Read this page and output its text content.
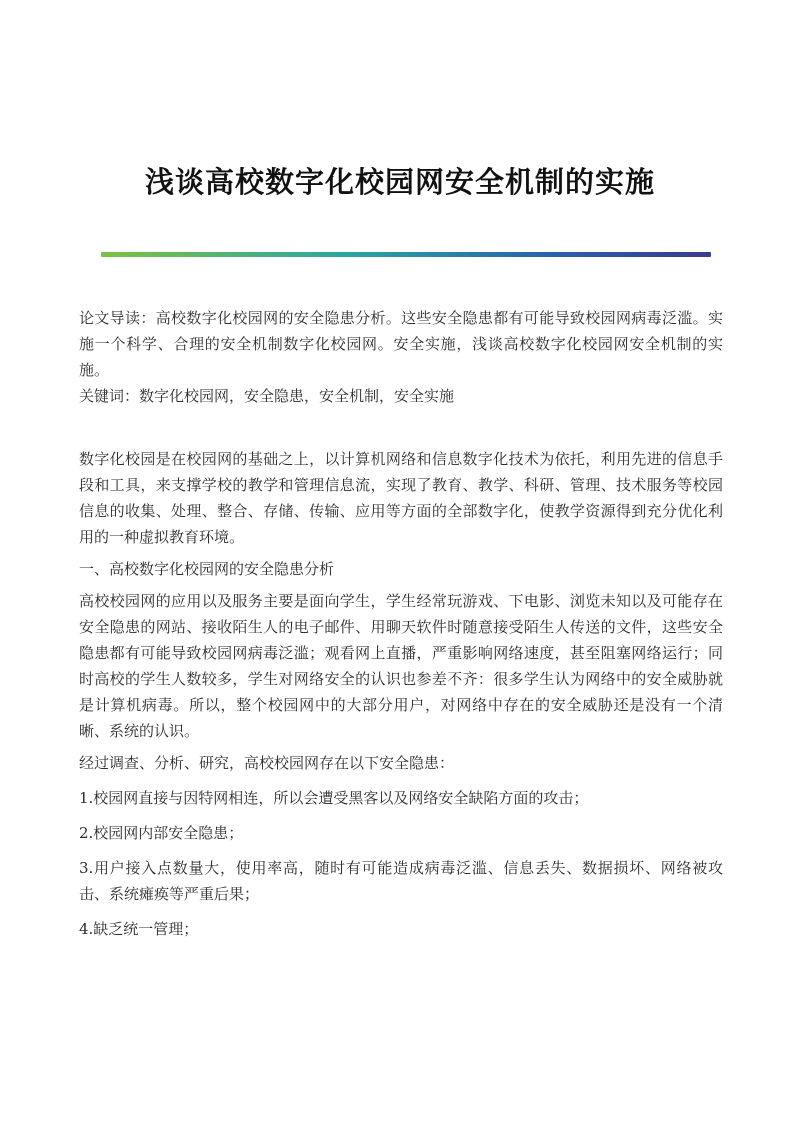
浅谈高校数字化校园网安全机制的实施

论文导读：高校数字化校园网的安全隐患分析。这些安全隐患都有可能导致校园网病毒泛滥。实施一个科学、合理的安全机制数字化校园网。安全实施，浅谈高校数字化校园网安全机制的实施。

关键词：数字化校园网，安全隐患，安全机制，安全实施

数字化校园是在校园网的基础之上，以计算机网络和信息数字化技术为依托，利用先进的信息手段和工具，来支撑学校的教学和管理信息流，实现了教育、教学、科研、管理、技术服务等校园信息的收集、处理、整合、存储、传输、应用等方面的全部数字化，使教学资源得到充分优化利用的一种虚拟教育环境。

一、高校数字化校园网的安全隐患分析

高校校园网的应用以及服务主要是面向学生，学生经常玩游戏、下电影、浏览未知以及可能存在安全隐患的网站、接收陌生人的电子邮件、用聊天软件时随意接受陌生人传送的文件，这些安全隐患都有可能导致校园网病毒泛滥；观看网上直播，严重影响网络速度，甚至阻塞网络运行；同时高校的学生人数较多，学生对网络安全的认识也参差不齐：很多学生认为网络中的安全威胁就是计算机病毒。所以，整个校园网中的大部分用户，对网络中存在的安全威胁还是没有一个清晰、系统的认识。

经过调查、分析、研究，高校校园网存在以下安全隐患：

1.校园网直接与因特网相连，所以会遭受黑客以及网络安全缺陷方面的攻击；

2.校园网内部安全隐患；

3.用户接入点数量大，使用率高，随时有可能造成病毒泛滥、信息丢失、数据损坏、网络被攻击、系统瘫痪等严重后果；

4.缺乏统一管理；
